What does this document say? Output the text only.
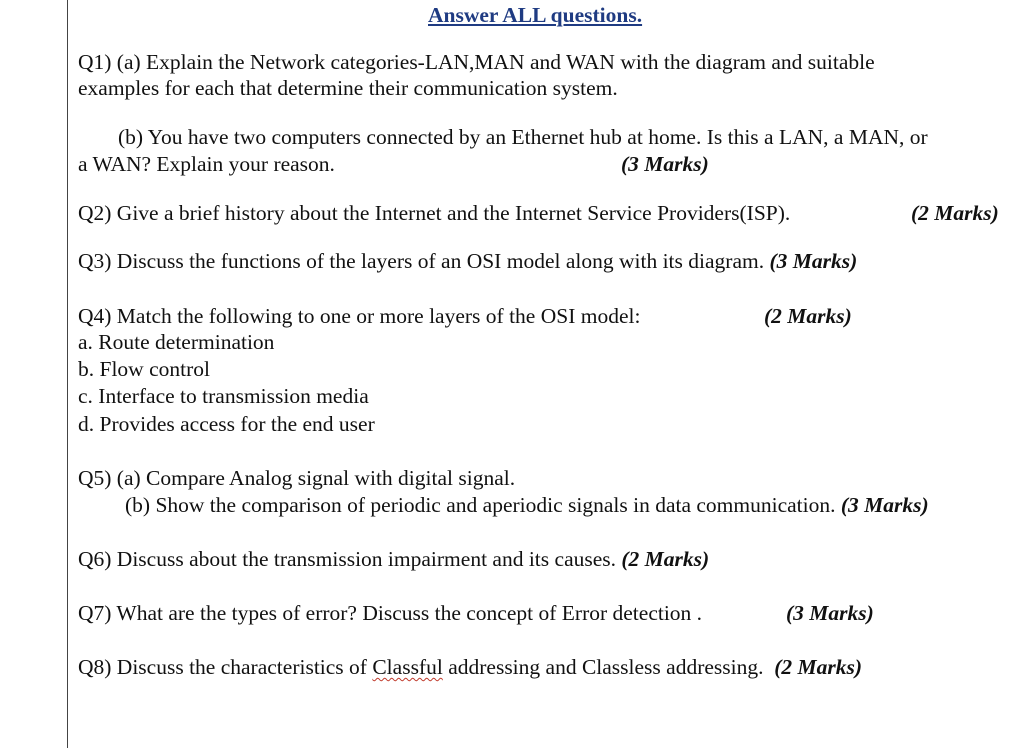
Answer ALL questions.
Q1) (a) Explain the Network categories-LAN,MAN and WAN with the diagram and suitable
examples for each that determine their communication system.
(b) You have two computers connected by an Ethernet hub at home. Is this a LAN, a MAN, or
a WAN? Explain your reason.	(3 Marks)
Q2) Give a brief history about the Internet and the Internet Service Providers(ISP).	(2 Marks)
Q3) Discuss the functions of the layers of an OSI model along with its diagram. (3 Marks)
Q4) Match the following to one or more layers of the OSI model:	(2 Marks)
a. Route determination
b. Flow control
c. Interface to transmission media
d. Provides access for the end user
Q5) (a) Compare Analog signal with digital signal.
(b) Show the comparison of periodic and aperiodic signals in data communication. (3 Marks)
Q6) Discuss about the transmission impairment and its causes. (2 Marks)
Q7) What are the types of error? Discuss the concept of Error detection .	(3 Marks)
Q8) Discuss the characteristics of Classful addressing and Classless addressing. (2 Marks)
